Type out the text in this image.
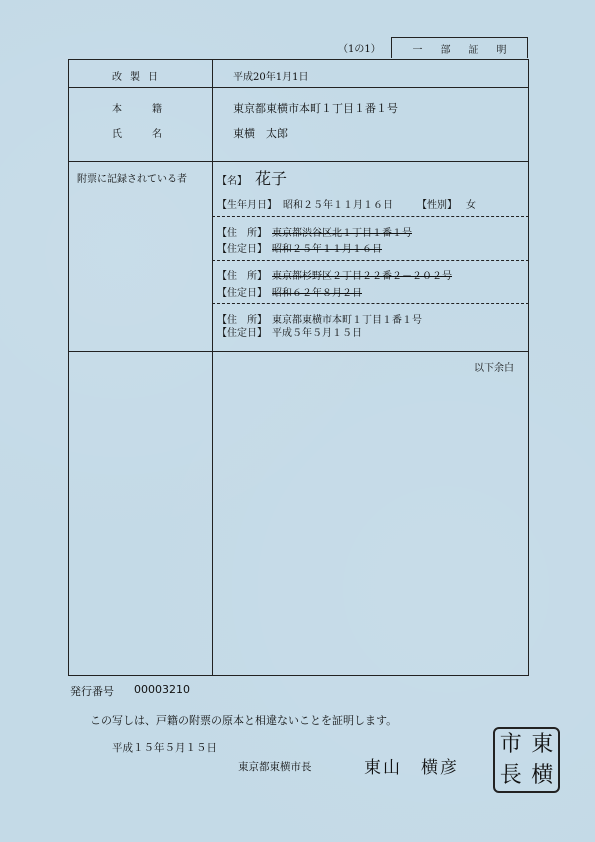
（1の1）	一部証明
改製日	平成20年1月1日
本籍	東京都東横市本町１丁目１番１号
氏名	東横　太郎
附票に記録されている者	【名】 花子
【生年月日】 昭和２５年１１月１６日 【性別】 女
【住　所】 東京都渋谷区北１丁目１番１号
【住定日】 昭和２５年１１月１６日
【住　所】 東京都杉野区２丁目２２番２－２０２号
【住定日】 昭和６２年８月２日
【住　所】 東京都東横市本町１丁目１番１号
【住定日】 平成５年５月１５日
以下余白
発行番号 00003210
この写しは、戸籍の附票の原本と相違ないことを証明します。
平成１５年５月１５日
東京都東横市長	東山　横彦
市 東
長 横
